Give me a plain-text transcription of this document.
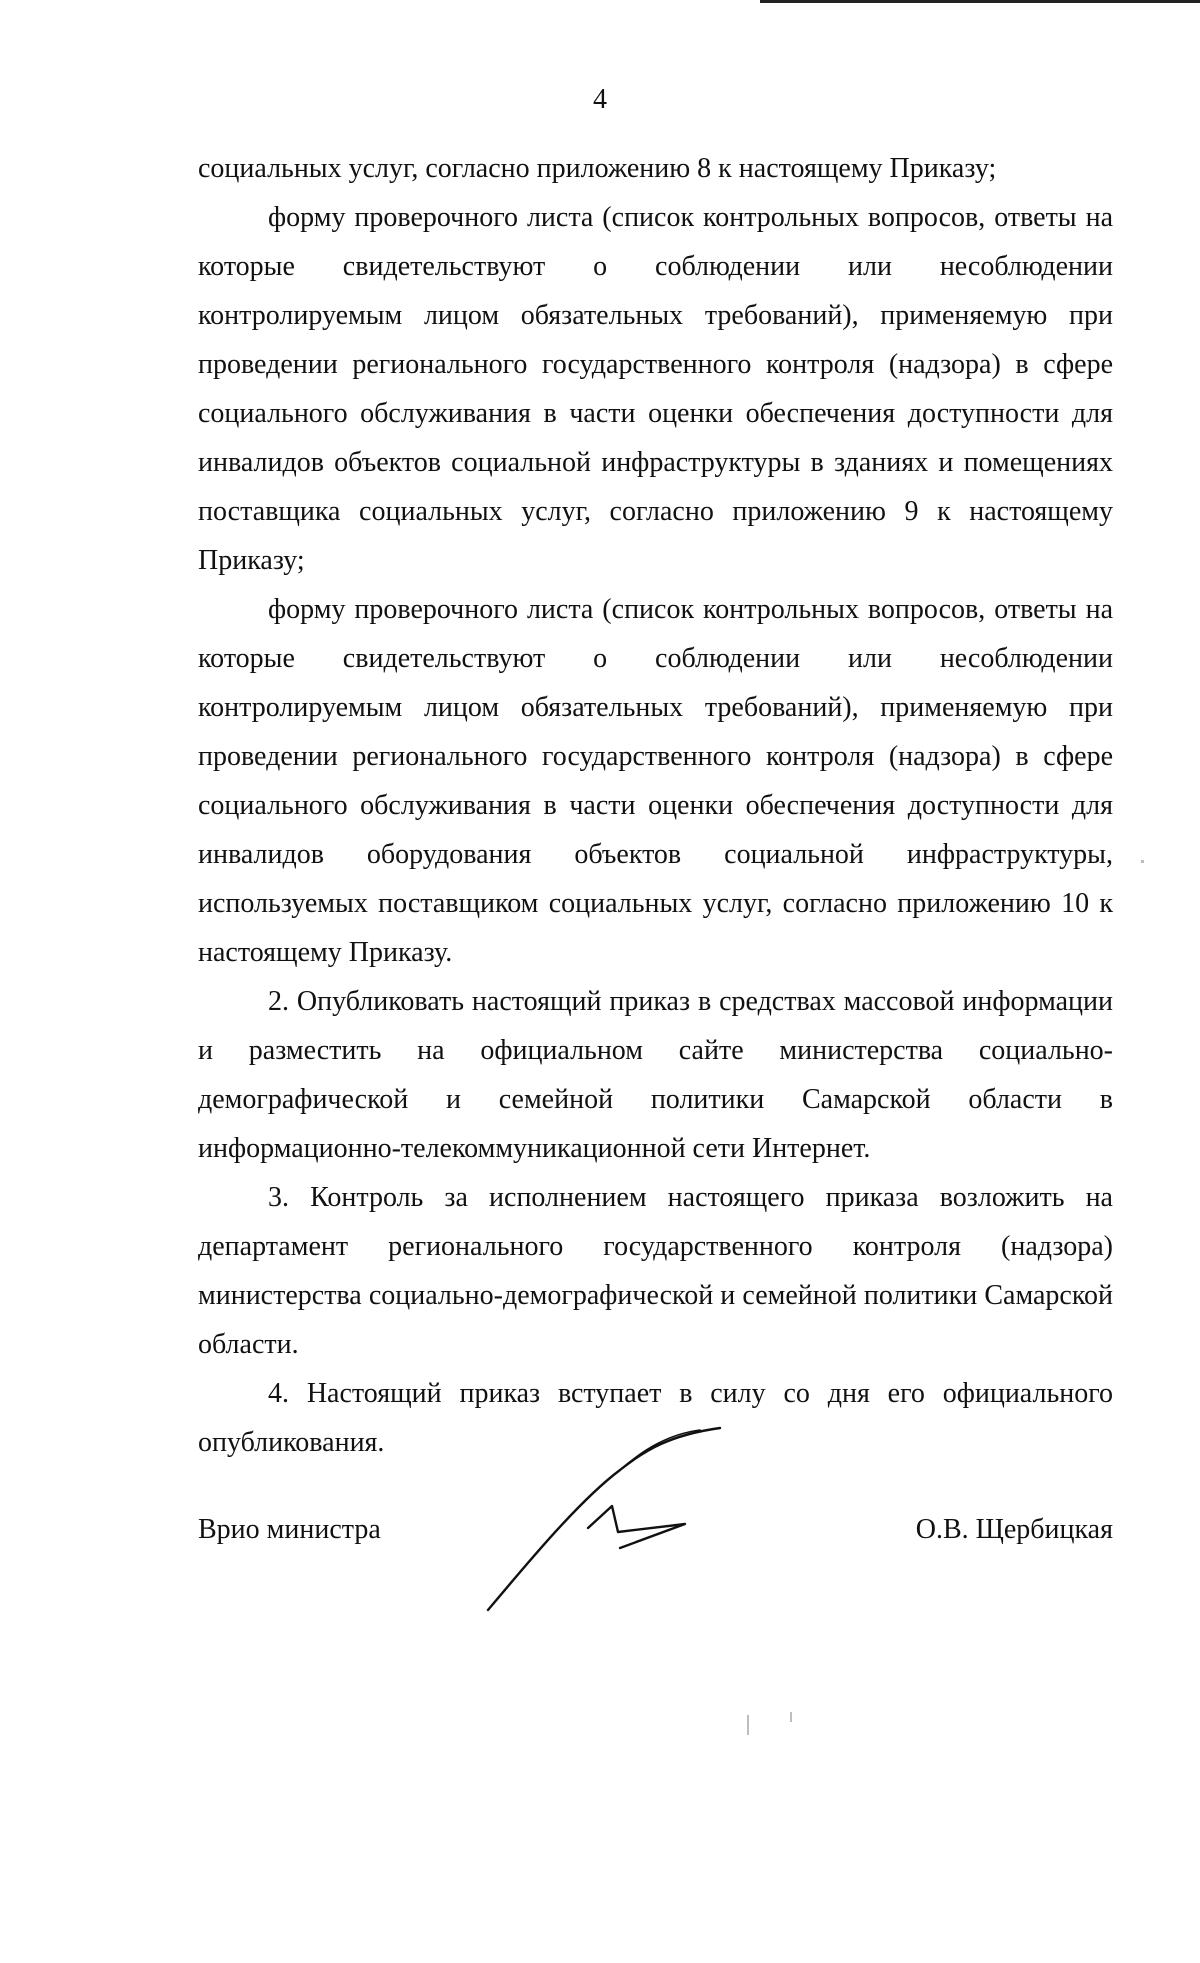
4

социальных услуг, согласно приложению 8 к настоящему Приказу;

форму проверочного листа (список контрольных вопросов, ответы на которые свидетельствуют о соблюдении или несоблюдении контролируемым лицом обязательных требований), применяемую при проведении регионального государственного контроля (надзора) в сфере социального обслуживания в части оценки обеспечения доступности для инвалидов объектов социальной инфраструктуры в зданиях и помещениях поставщика социальных услуг, согласно приложению 9 к настоящему Приказу;

форму проверочного листа (список контрольных вопросов, ответы на которые свидетельствуют о соблюдении или несоблюдении контролируемым лицом обязательных требований), применяемую при проведении регионального государственного контроля (надзора) в сфере социального обслуживания в части оценки обеспечения доступности для инвалидов оборудования объектов социальной инфраструктуры, используемых поставщиком социальных услуг, согласно приложению 10 к настоящему Приказу.

2. Опубликовать настоящий приказ в средствах массовой информации и разместить на официальном сайте министерства социально-демографической и семейной политики Самарской области в информационно-телекоммуникационной сети Интернет.

3. Контроль за исполнением настоящего приказа возложить на департамент регионального государственного контроля (надзора) министерства социально-демографической и семейной политики Самарской области.

4. Настоящий приказ вступает в силу со дня его официального опубликования.

Врио министра	О.В. Щербицкая
